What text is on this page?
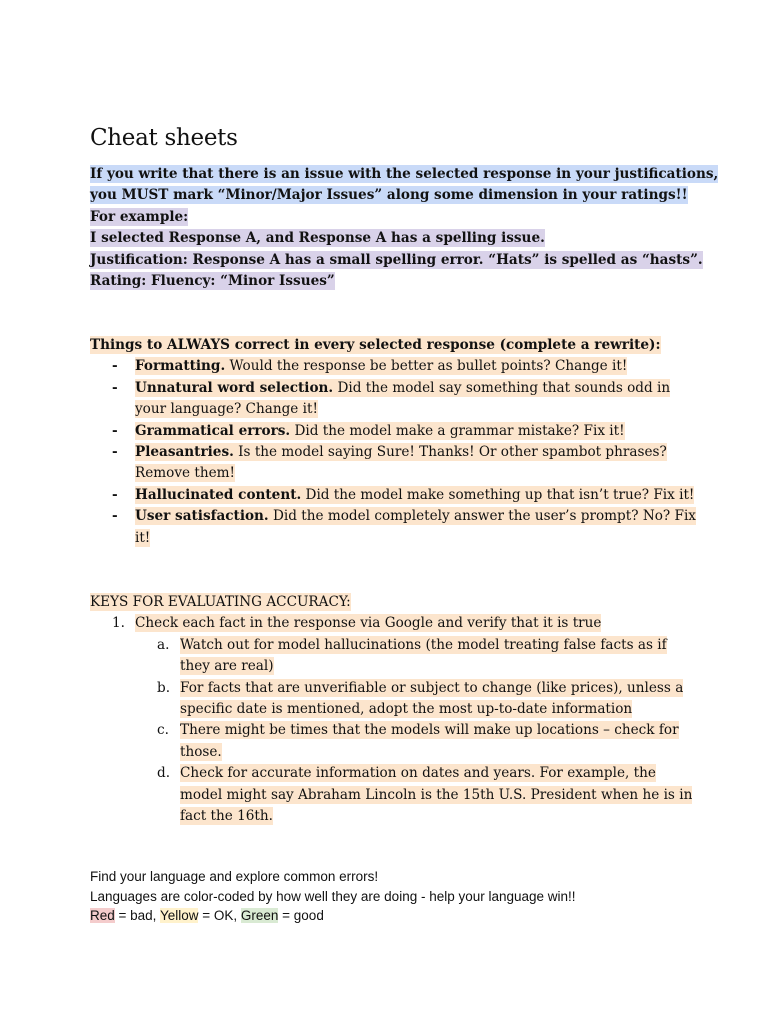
Cheat sheets
If you write that there is an issue with the selected response in your justifications,
you MUST mark “Minor/Major Issues” along some dimension in your ratings!!
For example:
I selected Response A, and Response A has a spelling issue.
Justification: Response A has a small spelling error. “Hats” is spelled as “hasts”.
Rating: Fluency: “Minor Issues”
Things to ALWAYS correct in every selected response (complete a rewrite):
- Formatting. Would the response be better as bullet points? Change it!
- Unnatural word selection. Did the model say something that sounds odd in
your language? Change it!
- Grammatical errors. Did the model make a grammar mistake? Fix it!
- Pleasantries. Is the model saying Sure! Thanks! Or other spambot phrases?
Remove them!
- Hallucinated content. Did the model make something up that isn’t true? Fix it!
- User satisfaction. Did the model completely answer the user’s prompt? No? Fix
it!
KEYS FOR EVALUATING ACCURACY:
1. Check each fact in the response via Google and verify that it is true
a. Watch out for model hallucinations (the model treating false facts as if
they are real)
b. For facts that are unverifiable or subject to change (like prices), unless a
specific date is mentioned, adopt the most up-to-date information
c. There might be times that the models will make up locations – check for
those.
d. Check for accurate information on dates and years. For example, the
model might say Abraham Lincoln is the 15th U.S. President when he is in
fact the 16th.
Find your language and explore common errors!
Languages are color-coded by how well they are doing - help your language win!!
Red = bad, Yellow = OK, Green = good
